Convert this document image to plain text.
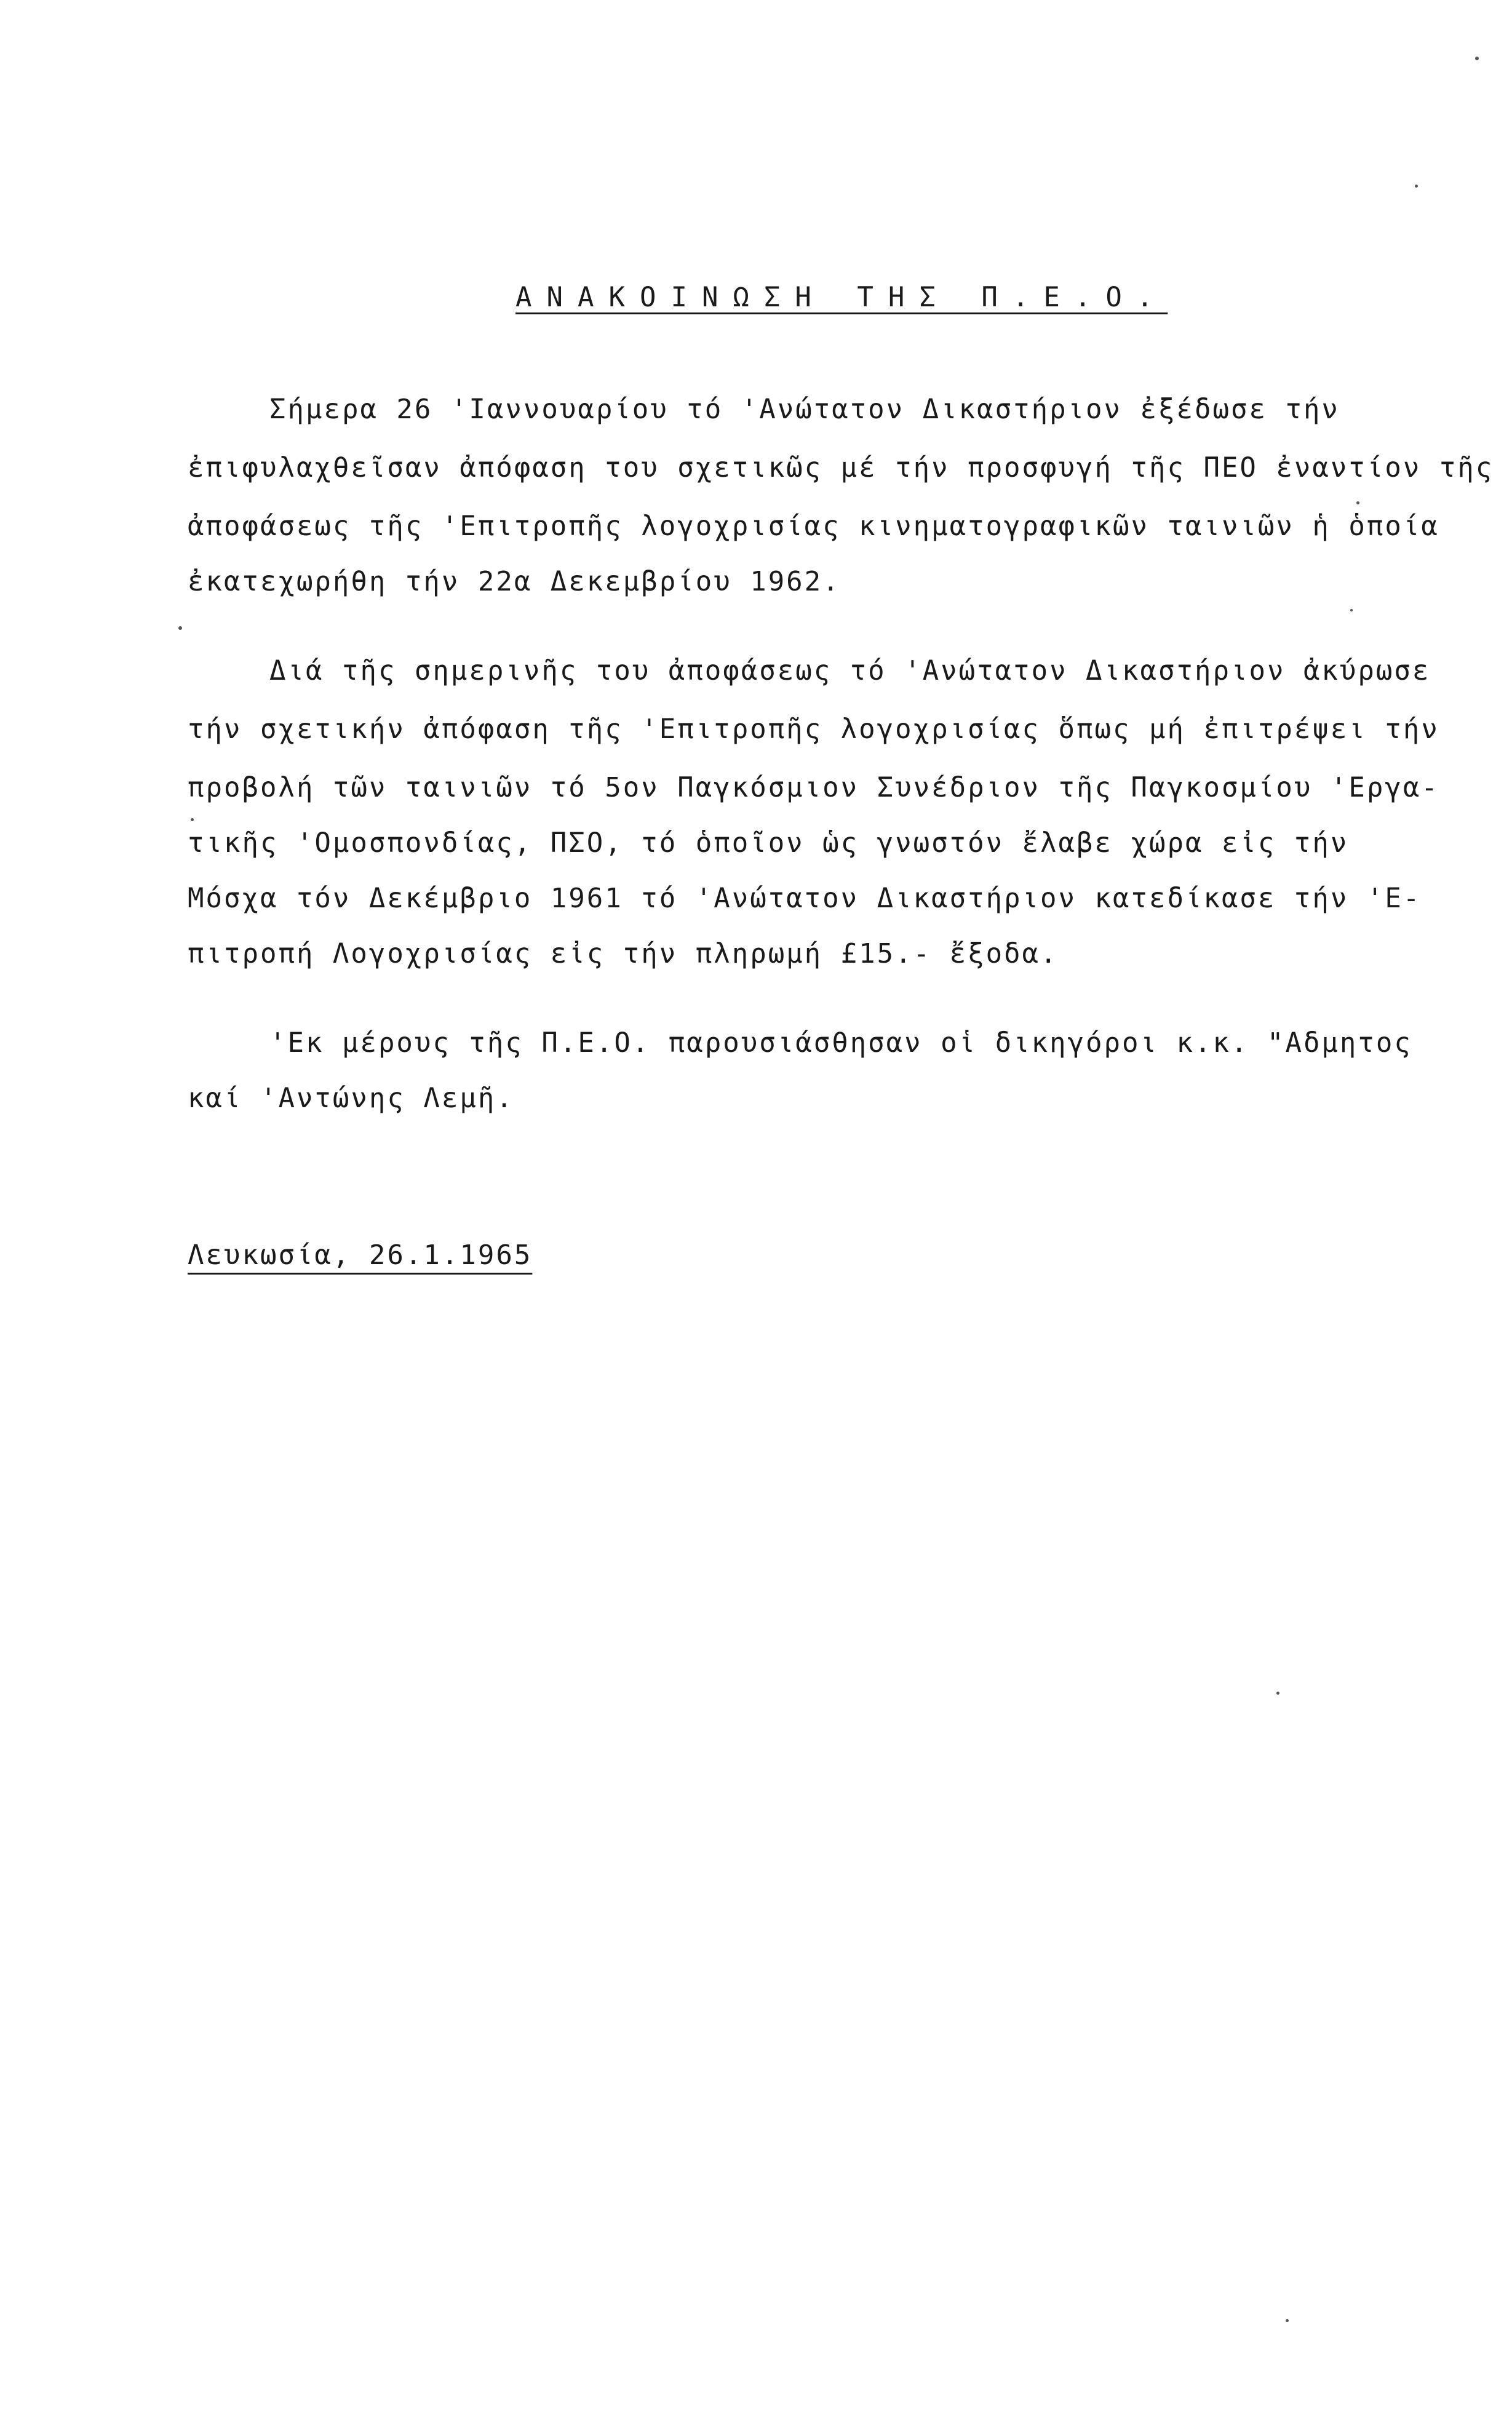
ΑΝΑΚΟΙΝΩΣΗ ΤΗΣ Π.Ε.Ο.
Σήμερα 26 'Ιαννουαρίου τό 'Ανώτατον Δικαστήριον ἐξέδωσε τήν
ἐπιφυλαχθεῖσαν ἀπόφαση του σχετικῶς μέ τήν προσφυγή τῆς ΠΕΟ ἐναντίον τῆς
ἀποφάσεως τῆς 'Επιτροπῆς λογοχρισίας κινηματογραφικῶν ταινιῶν ἡ ὁποία
ἐκατεχωρήθη τήν 22α Δεκεμβρίου 1962.
Διά τῆς σημερινῆς του ἀποφάσεως τό 'Ανώτατον Δικαστήριον ἀκύρωσε
τήν σχετικήν ἀπόφαση τῆς 'Επιτροπῆς λογοχρισίας ὅπως μή ἐπιτρέψει τήν
προβολή τῶν ταινιῶν τό 5ον Παγκόσμιον Συνέδριον τῆς Παγκοσμίου 'Εργα-
τικῆς 'Ομοσπονδίας, ΠΣΟ, τό ὁποῖον ὡς γνωστόν ἔλαβε χώρα εἰς τήν
Μόσχα τόν Δεκέμβριο 1961 τό 'Ανώτατον Δικαστήριον κατεδίκασε τήν 'Ε-
πιτροπή Λογοχρισίας εἰς τήν πληρωμή £15.- ἔξοδα.
'Εκ μέρους τῆς Π.Ε.Ο. παρουσιάσθησαν οἱ δικηγόροι κ.κ. "Αδμητος
καί 'Αντώνης Λεμῆ.
Λευκωσία, 26.1.1965
